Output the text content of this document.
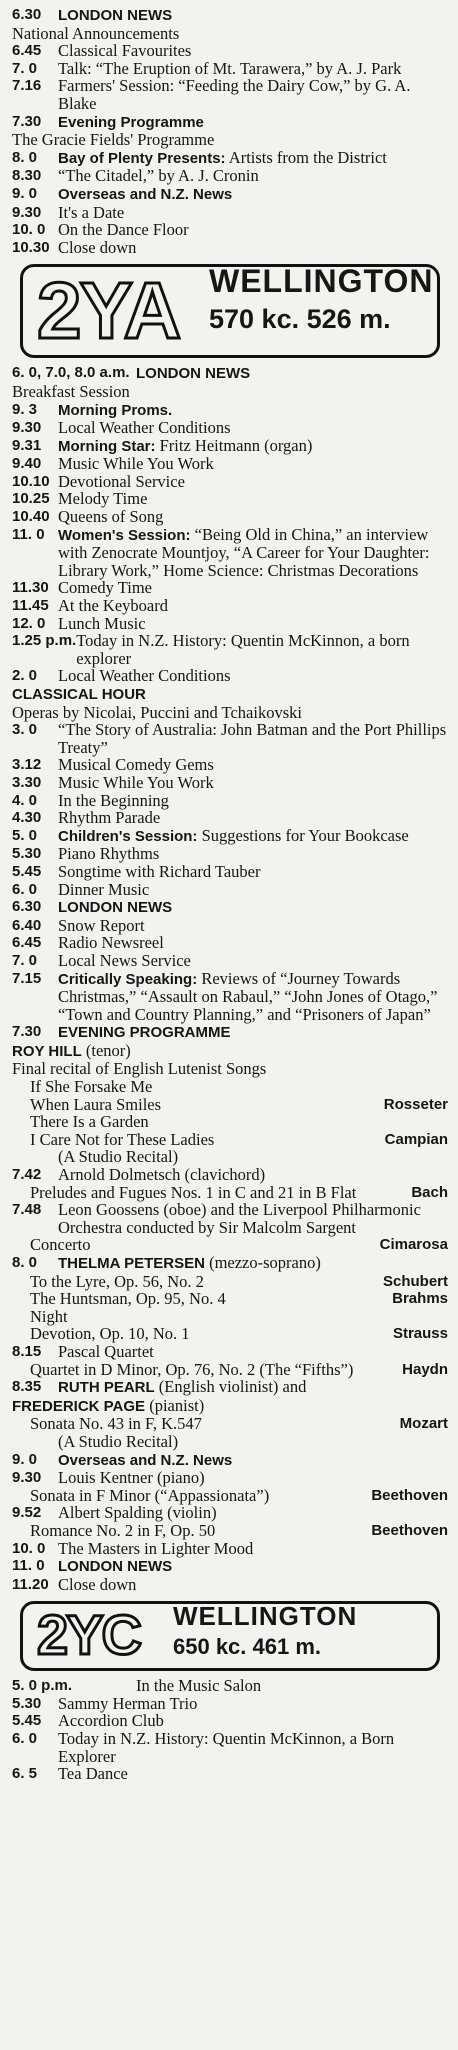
6.30	LONDON NEWS
National Announcements
6.45	Classical Favourites
7. 0	Talk: “The Eruption of Mt. Tarawera,” by A. J. Park
7.16	Farmers' Session: “Feeding the Dairy Cow,” by G. A. Blake
7.30	Evening Programme
The Gracie Fields' Programme
8. 0	Bay of Plenty Presents: Artists from the District
8.30	“The Citadel,” by A. J. Cronin
9. 0	Overseas and N.Z. News
9.30	It's a Date
10. 0 On the Dance Floor
10.30 Close down
2YA WELLINGTON
570 kc. 526 m.
6. 0, 7.0, 8.0 a.m. LONDON NEWS
Breakfast Session
9. 3	Morning Proms.
9.30	Local Weather Conditions
9.31	Morning Star: Fritz Heitmann (organ)
9.40	Music While You Work
10.10 Devotional Service
10.25 Melody Time
10.40 Queens of Song
11. 0 Women's Session: “Being Old in China,” an interview with Zenocrate Mountjoy, “A Career for Your Daughter: Library Work,” Home Science: Christmas Decorations
11.30 Comedy Time
11.45 At the Keyboard
12. 0 Lunch Music
1.25 p.m. Today in N.Z. History: Quentin McKinnon, a born explorer
2. 0	Local Weather Conditions
CLASSICAL HOUR
Operas by Nicolai, Puccini and Tchaikovski
3. 0	“The Story of Australia: John Batman and the Port Phillips Treaty”
3.12	Musical Comedy Gems
3.30	Music While You Work
4. 0	In the Beginning
4.30	Rhythm Parade
5. 0	Children's Session: Suggestions for Your Bookcase
5.30	Piano Rhythms
5.45	Songtime with Richard Tauber
6. 0	Dinner Music
6.30	LONDON NEWS
6.40	Snow Report
6.45	Radio Newsreel
7. 0	Local News Service
7.15	Critically Speaking: Reviews of “Journey Towards Christmas,” “Assault on Rabaul,” “John Jones of Otago,” “Town and Country Planning,” and “Prisoners of Japan”
7.30	EVENING PROGRAMME
ROY HILL (tenor)
Final recital of English Lutenist Songs
If She Forsake Me
When Laura Smiles	Rosseter
There Is a Garden
I Care Not for These Ladies	Campian
(A Studio Recital)
7.42	Arnold Dolmetsch (clavichord)
Preludes and Fugues Nos. 1 in C and 21 in B Flat	Bach
7.48	Leon Goossens (oboe) and the Liverpool Philharmonic Orchestra conducted by Sir Malcolm Sargent
Concerto	Cimarosa
8. 0	THELMA PETERSEN (mezzo-soprano)
To the Lyre, Op. 56, No. 2	Schubert
The Huntsman, Op. 95, No. 4	Brahms
Night
Devotion, Op. 10, No. 1	Strauss
8.15	Pascal Quartet
Quartet in D Minor, Op. 76, No. 2 (The “Fifths”)	Haydn
8.35	RUTH PEARL (English violinist) and
FREDERICK PAGE (pianist)
Sonata No. 43 in F, K.547	Mozart
(A Studio Recital)
9. 0	Overseas and N.Z. News
9.30	Louis Kentner (piano)
Sonata in F Minor (“Appassionata”)	Beethoven
9.52	Albert Spalding (violin)
Romance No. 2 in F, Op. 50	Beethoven
10. 0 The Masters in Lighter Mood
11. 0 LONDON NEWS
11.20 Close down
2YC WELLINGTON
650 kc. 461 m.
5. 0 p.m.	In the Music Salon
5.30	Sammy Herman Trio
5.45	Accordion Club
6. 0	Today in N.Z. History: Quentin McKinnon, a Born Explorer
6. 5	Tea Dance
